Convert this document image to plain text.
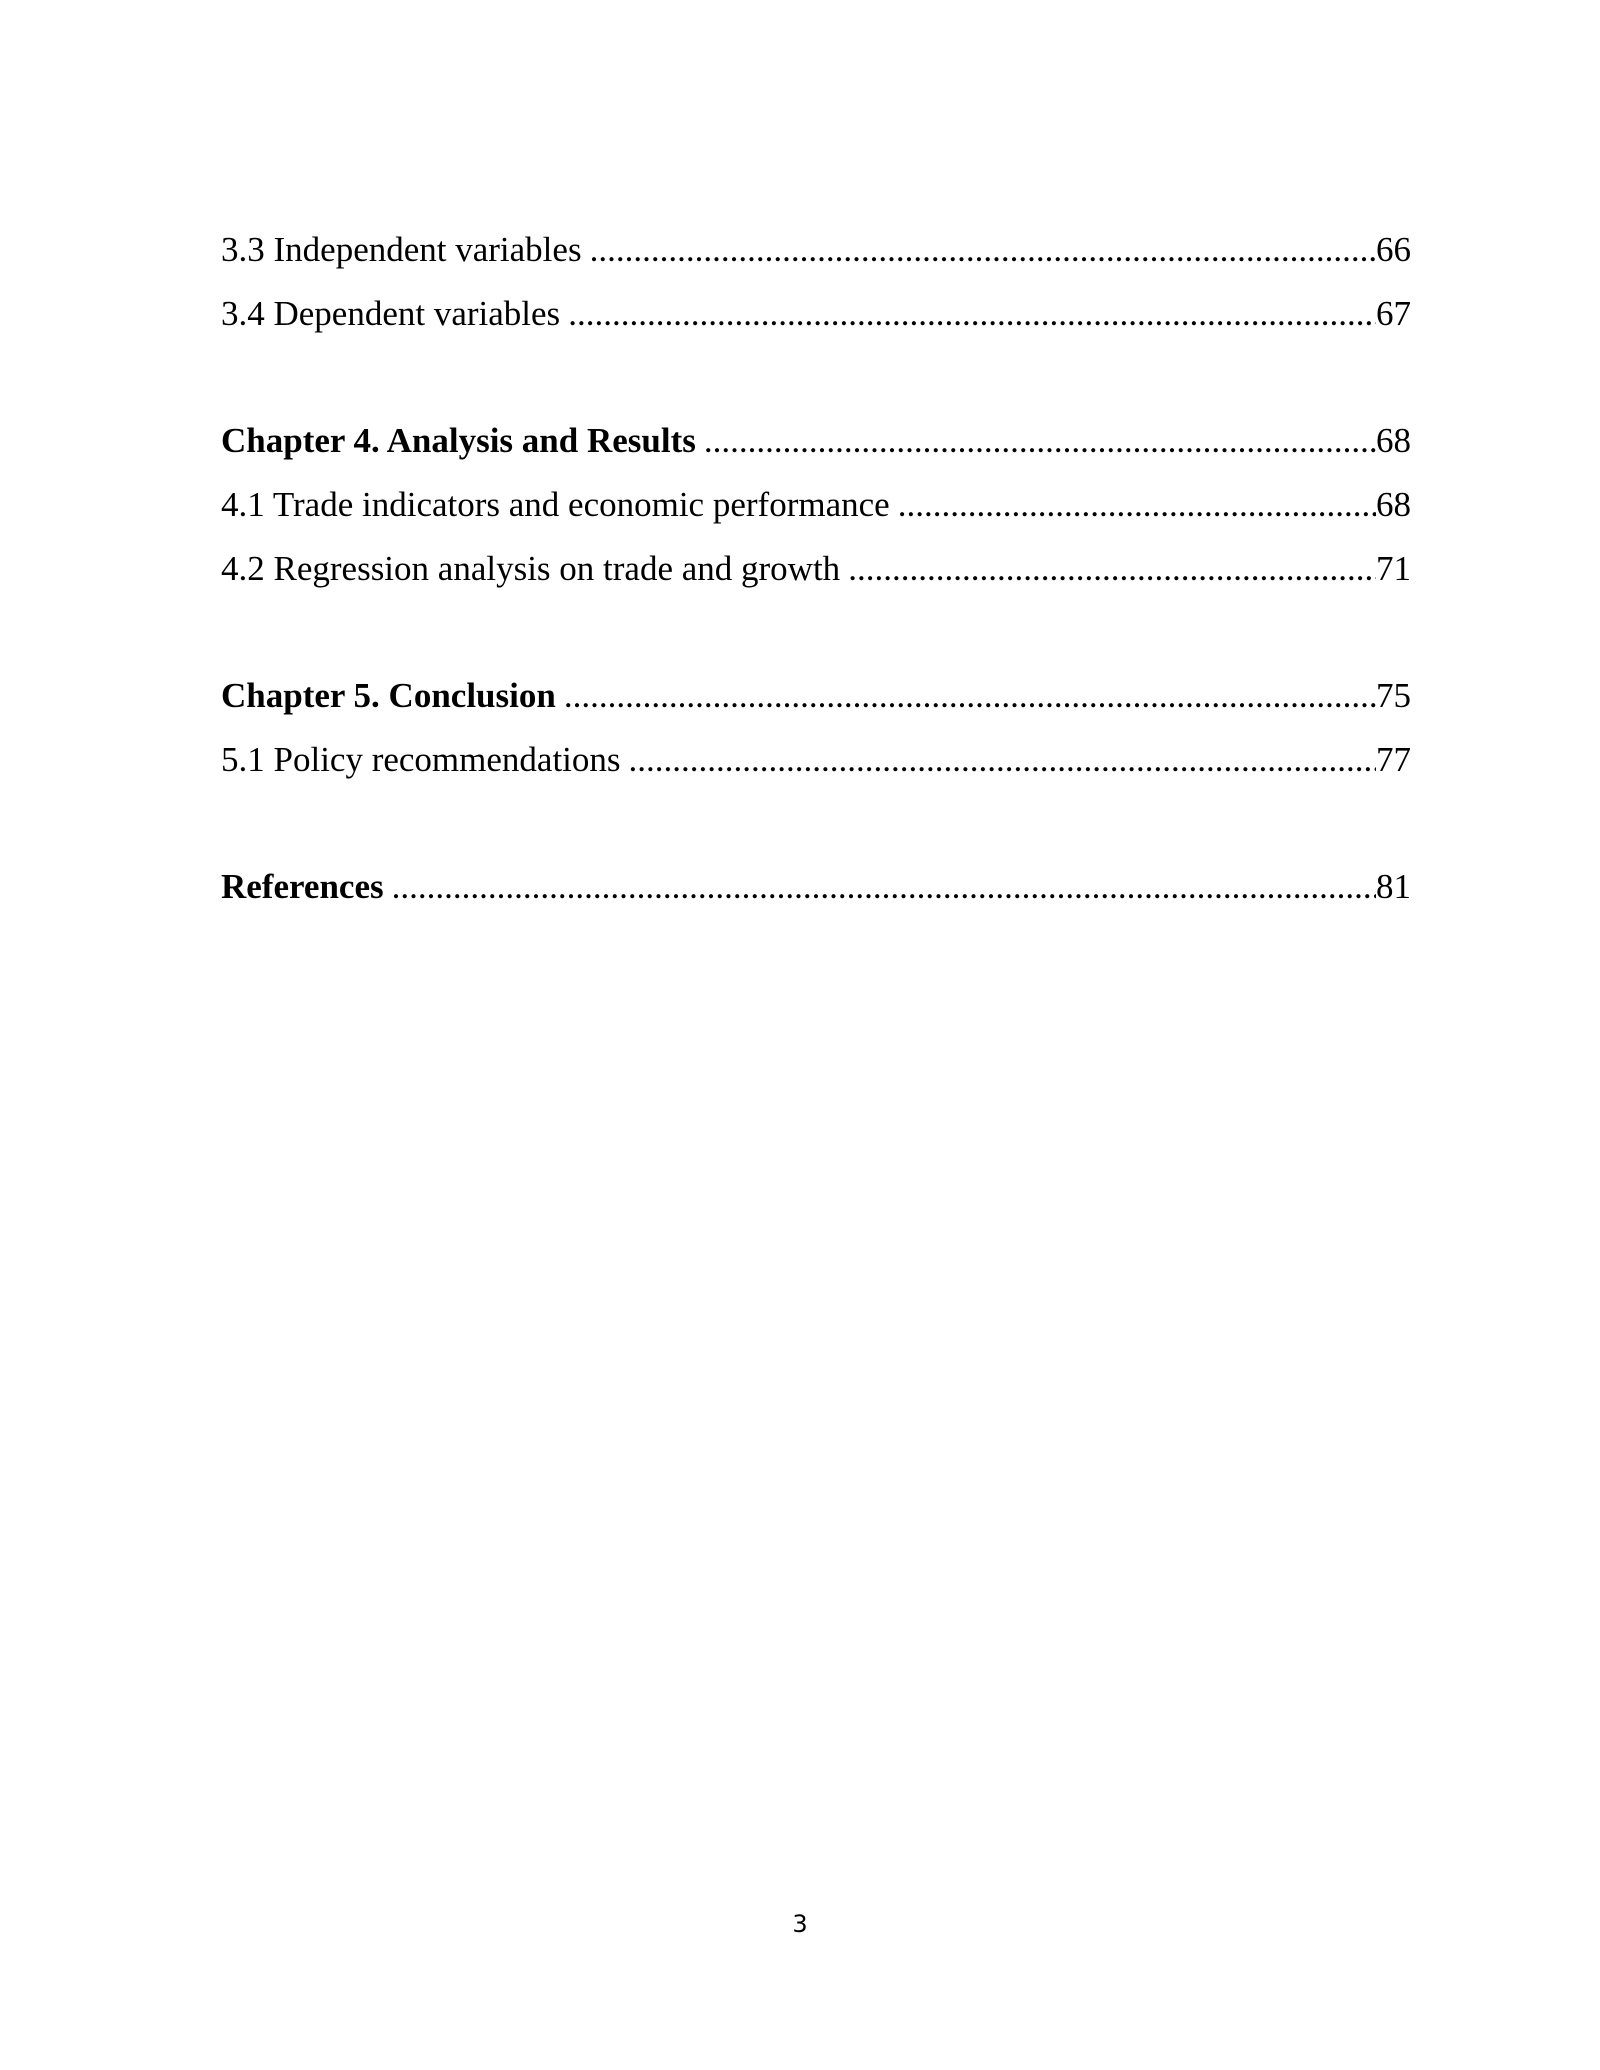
3.3 Independent variables .....	66
3.4 Dependent variables .....	67
Chapter 4. Analysis and Results .....	68
4.1 Trade indicators and economic performance .....	68
4.2 Regression analysis on trade and growth .....	71
Chapter 5. Conclusion .....	75
5.1 Policy recommendations .....	77
References .....	81
3
